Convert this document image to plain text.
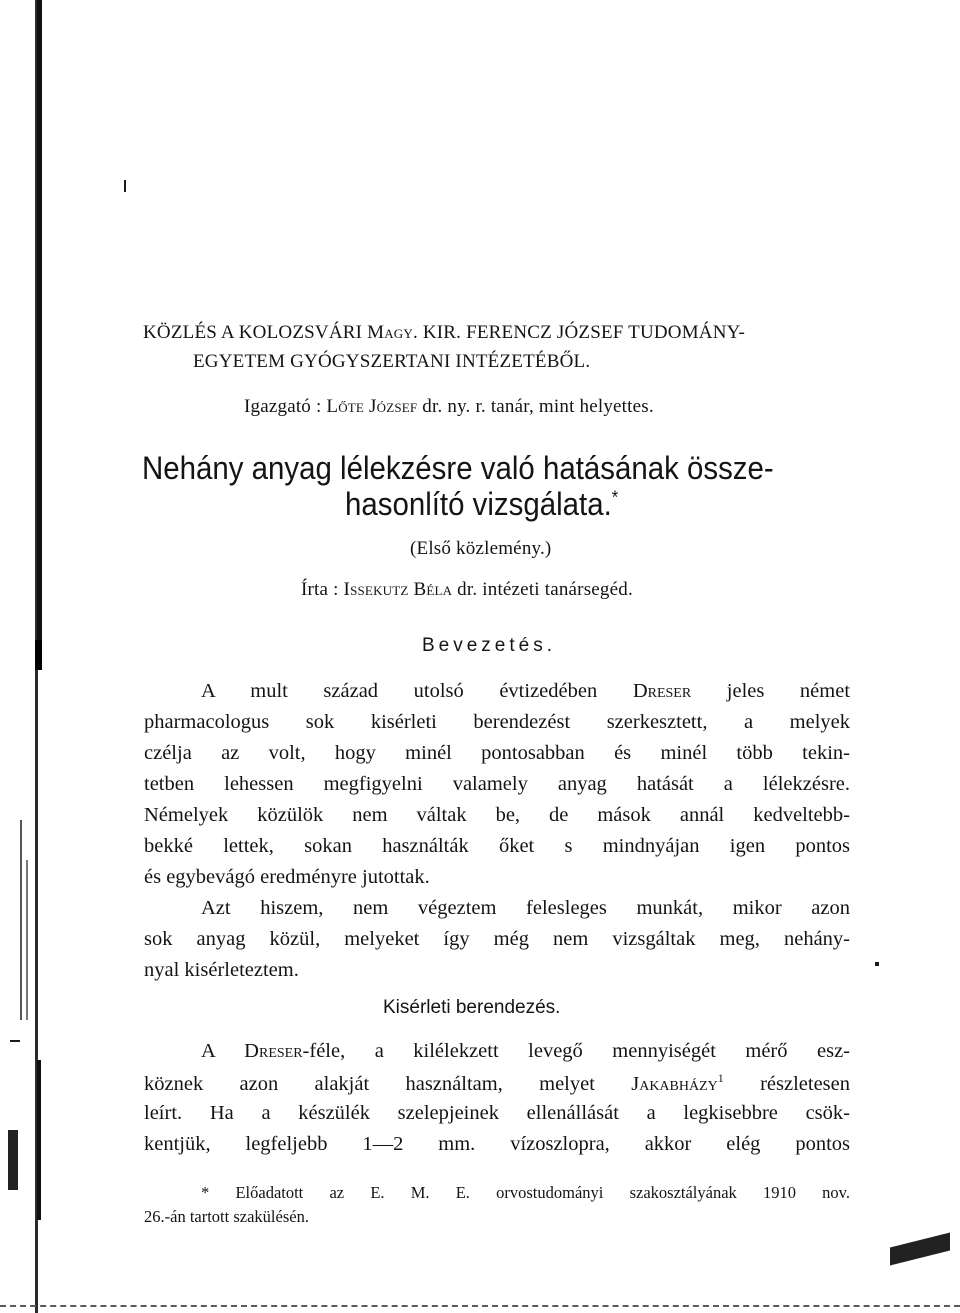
KÖZLÉS A KOLOZSVÁRI Magy. KIR. FERENCZ JÓZSEF TUDOMÁNY-
EGYETEM GYÓGYSZERTANI INTÉZETÉBŐL.
Igazgató : Lőte József dr. ny. r. tanár, mint helyettes.
Nehány anyag lélekzésre való hatásának össze-
hasonlító vizsgálata.*
(Első közlemény.)
Írta : Issekutz Béla dr. intézeti tanársegéd.
Bevezetés.
A mult század utolsó évtizedében Dreser jeles német
pharmacologus sok kisérleti berendezést szerkesztett, a melyek
czélja az volt, hogy minél pontosabban és minél több tekin-
tetben lehessen megfigyelni valamely anyag hatását a lélekzésre.
Némelyek közülök nem váltak be, de mások annál kedveltebb-
bekké lettek, sokan használták őket s mindnyájan igen pontos
és egybevágó eredményre jutottak.
Azt hiszem, nem végeztem felesleges munkát, mikor azon
sok anyag közül, melyeket így még nem vizsgáltak meg, nehány-
nyal kisérleteztem.
Kisérleti berendezés.
A Dreser-féle, a kilélekzett levegő mennyiségét mérő esz-
köznek azon alakját használtam, melyet Jakabházy$^1$ részletesen
leírt. Ha a készülék szelepjeinek ellenállását a legkisebbre csök-
kentjük, legfeljebb 1—2 mm. vízoszlopra, akkor elég pontos
* Előadatott az E. M. E. orvostudományi szakosztályának 1910 nov.
26.-án tartott szakülésén.
